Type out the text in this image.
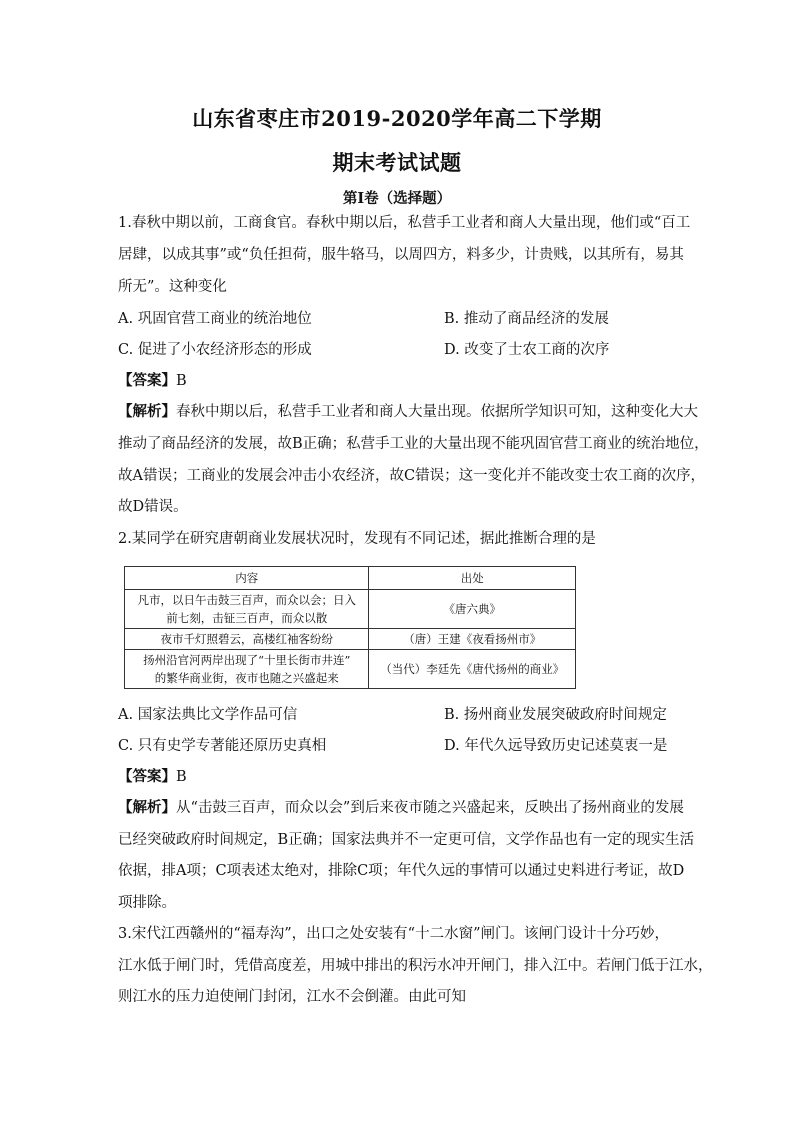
山东省枣庄市2019-2020学年高二下学期
期末考试试题
第Ⅰ卷（选择题）
1.春秋中期以前，工商食官。春秋中期以后，私营手工业者和商人大量出现，他们或“百工
居肆，以成其事”或“负任担荷，服牛辂马，以周四方，料多少，计贵贱，以其所有，易其
所无”。这种变化
A. 巩固官营工商业的统治地位	B. 推动了商品经济的发展
C. 促进了小农经济形态的形成	D. 改变了士农工商的次序
【答案】B
【解析】春秋中期以后，私营手工业者和商人大量出现。依据所学知识可知，这种变化大大
推动了商品经济的发展，故B正确；私营手工业的大量出现不能巩固官营工商业的统治地位，
故A错误；工商业的发展会冲击小农经济，故C错误；这一变化并不能改变士农工商的次序，
故D错误。
2.某同学在研究唐朝商业发展状况时，发现有不同记述，据此推断合理的是
内容	出处
凡市，以日午击鼓三百声，而众以会；日入
前七刻，击钲三百声，而众以散	《唐六典》
夜市千灯照碧云，高楼红袖客纷纷	（唐）王建《夜看扬州市》
扬州沿官河两岸出现了“十里长街市井连”
的繁华商业街，夜市也随之兴盛起来	（当代）李廷先《唐代扬州的商业》
A. 国家法典比文学作品可信	B. 扬州商业发展突破政府时间规定
C. 只有史学专著能还原历史真相	D. 年代久远导致历史记述莫衷一是
【答案】B
【解析】从“击鼓三百声，而众以会”到后来夜市随之兴盛起来，反映出了扬州商业的发展
已经突破政府时间规定，B正确；国家法典并不一定更可信，文学作品也有一定的现实生活
依据，排A项；C项表述太绝对，排除C项；年代久远的事情可以通过史料进行考证，故D
项排除。
3.宋代江西赣州的“福寿沟”，出口之处安装有“十二水窗”闸门。该闸门设计十分巧妙，
江水低于闸门时，凭借高度差，用城中排出的积污水冲开闸门，排入江中。若闸门低于江水，
则江水的压力迫使闸门封闭，江水不会倒灌。由此可知
